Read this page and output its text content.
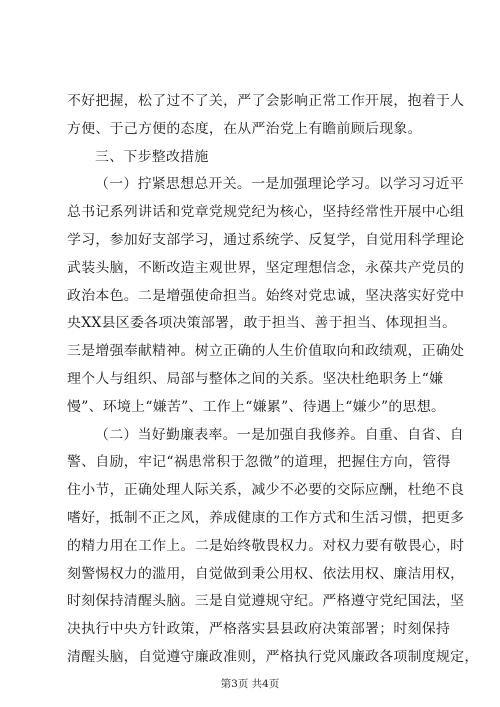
不好把握，松了过不了关，严了会影响正常工作开展，抱着于人
方便、于己方便的态度，在从严治党上有瞻前顾后现象。
三、下步整改措施
（一）拧紧思想总开关。一是加强理论学习。以学习习近平
总书记系列讲话和党章党规党纪为核心，坚持经常性开展中心组
学习，参加好支部学习，通过系统学、反复学，自觉用科学理论
武装头脑，不断改造主观世界，坚定理想信念，永葆共产党员的
政治本色。二是增强使命担当。始终对党忠诚，坚决落实好党中
央XX县区委各项决策部署，敢于担当、善于担当、体现担当。
三是增强奉献精神。树立正确的人生价值取向和政绩观，正确处
理个人与组织、局部与整体之间的关系。坚决杜绝职务上“嫌
慢”、环境上“嫌苦”、工作上“嫌累”、待遇上“嫌少”的思想。
（二）当好勤廉表率。一是加强自我修养。自重、自省、自
警、自励，牢记“祸患常积于忽微”的道理，把握住方向，管得
住小节，正确处理人际关系，减少不必要的交际应酬，杜绝不良
嗜好，抵制不正之风，养成健康的工作方式和生活习惯，把更多
的精力用在工作上。二是始终敬畏权力。对权力要有敬畏心，时
刻警惕权力的滥用，自觉做到秉公用权、依法用权、廉洁用权，
时刻保持清醒头脑。三是自觉遵规守纪。严格遵守党纪国法，坚
决执行中央方针政策，严格落实县县政府决策部署；时刻保持
清醒头脑，自觉遵守廉政准则，严格执行党风廉政各项制度规定，
第3页 共4页
